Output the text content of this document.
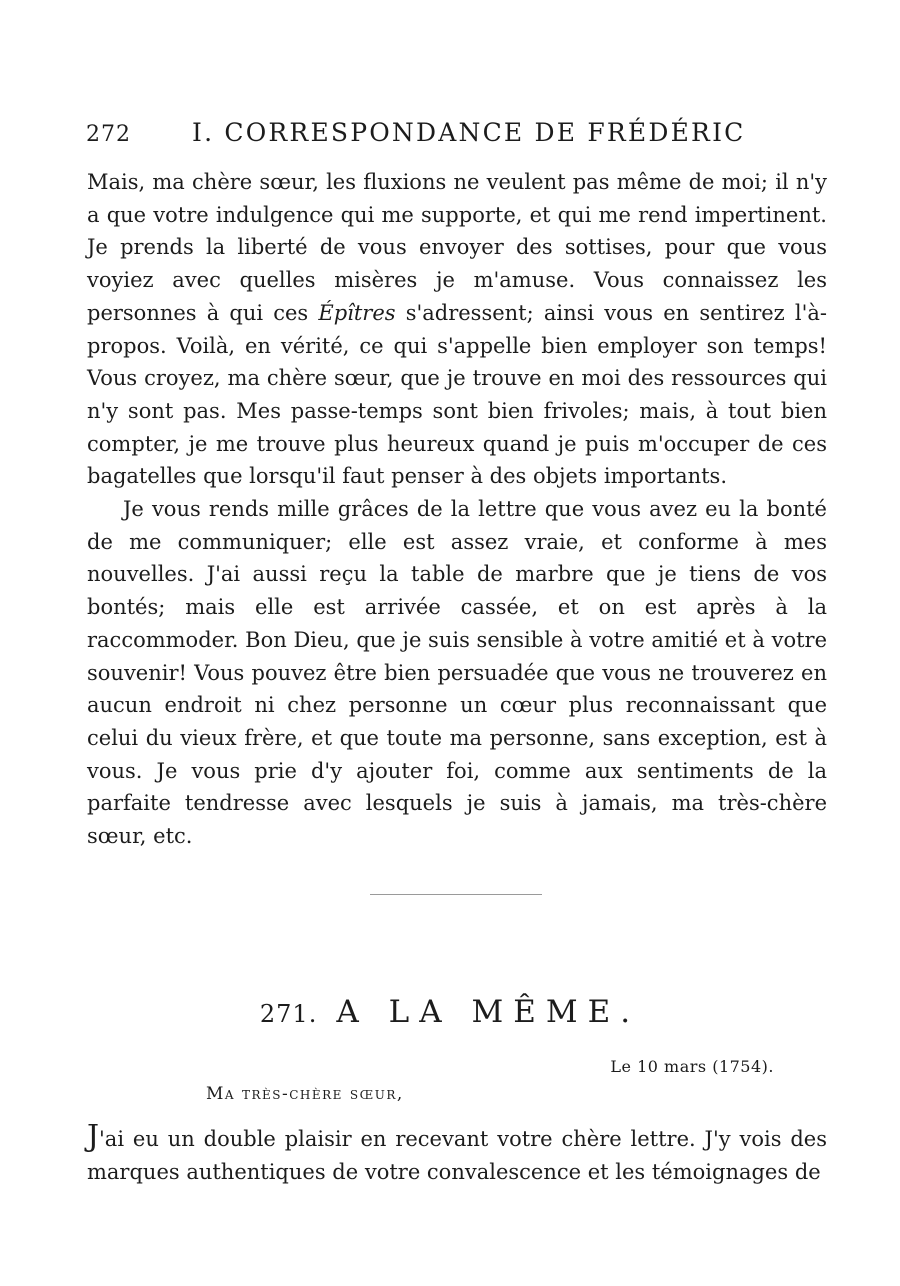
272 I. CORRESPONDANCE DE FRÉDÉRIC

Mais, ma chère sœur, les fluxions ne veulent pas même de moi; il n'y a que votre indulgence qui me supporte, et qui me rend impertinent. Je prends la liberté de vous envoyer des sottises, pour que vous voyiez avec quelles misères je m'amuse. Vous connaissez les personnes à qui ces Épîtres s'adressent; ainsi vous en sentirez l'à-propos. Voilà, en vérité, ce qui s'appelle bien employer son temps! Vous croyez, ma chère sœur, que je trouve en moi des ressources qui n'y sont pas. Mes passe-temps sont bien frivoles; mais, à tout bien compter, je me trouve plus heureux quand je puis m'occuper de ces bagatelles que lorsqu'il faut penser à des objets importants.

Je vous rends mille grâces de la lettre que vous avez eu la bonté de me communiquer; elle est assez vraie, et conforme à mes nouvelles. J'ai aussi reçu la table de marbre que je tiens de vos bontés; mais elle est arrivée cassée, et on est après à la raccommoder. Bon Dieu, que je suis sensible à votre amitié et à votre souvenir! Vous pouvez être bien persuadée que vous ne trouverez en aucun endroit ni chez personne un cœur plus reconnaissant que celui du vieux frère, et que toute ma personne, sans exception, est à vous. Je vous prie d'y ajouter foi, comme aux sentiments de la parfaite tendresse avec lesquels je suis à jamais, ma très-chère sœur, etc.

271. A LA MÊME.
Le 10 mars (1754).
Ma très-chère sœur,

J'ai eu un double plaisir en recevant votre chère lettre. J'y vois des marques authentiques de votre convalescence et les témoignages de
